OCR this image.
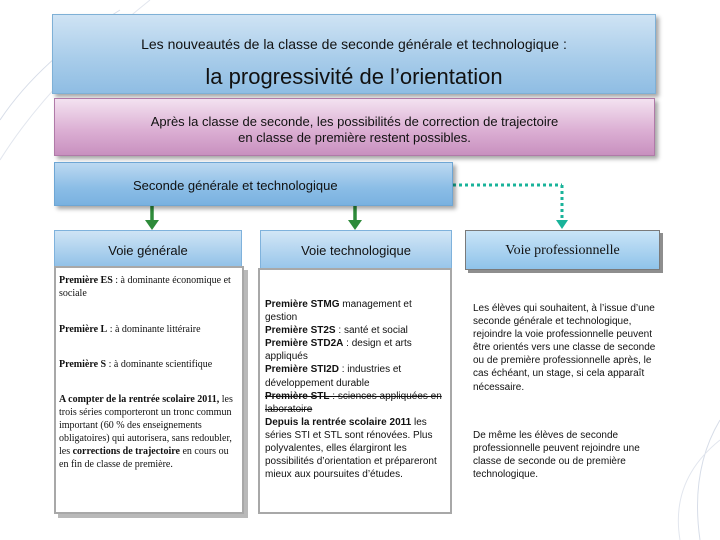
Les nouveautés de la classe de seconde générale et technologique :
la progressivité de l’orientation
Après la classe de seconde, les possibilités de correction de trajectoire
en classe de première restent possibles.
Seconde générale et technologique
Voie générale	Voie technologique	Voie professionnelle

Première ES : à dominante économique et sociale

Première L : à dominante littéraire

Première S : à dominante scientifique

A compter de la rentrée scolaire 2011, les trois séries comporteront un tronc commun important (60 % des enseignements obligatoires) qui autorisera, sans redoubler, les corrections de trajectoire en cours ou en fin de classe de première.

Première STMG management et gestion
Première ST2S : santé et social
Première STD2A : design et arts appliqués
Première STI2D : industries et développement durable
Première STL : sciences appliquées en laboratoire
Depuis la rentrée scolaire 2011 les séries STI et STL sont rénovées. Plus polyvalentes, elles élargiront les possibilités d’orientation et prépareront mieux aux poursuites d’études.
Les élèves qui souhaitent, à l’issue d’une seconde générale et technologique, rejoindre la voie professionnelle peuvent être orientés vers une classe de seconde ou de première professionnelle après, le cas échéant, un stage, si cela apparaît nécessaire.
De même les élèves de seconde professionnelle peuvent rejoindre une classe de seconde ou de première technologique.
